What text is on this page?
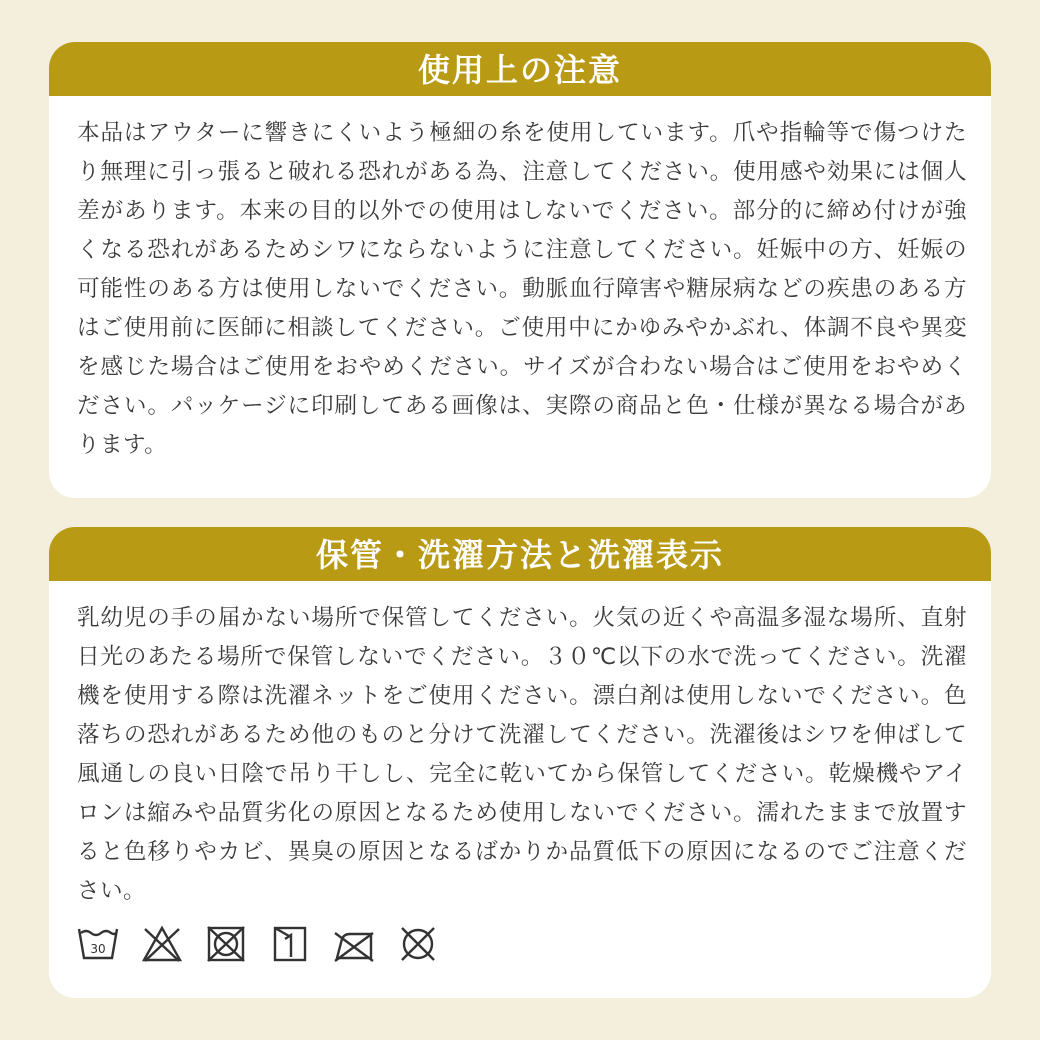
使用上の注意
本品はアウターに響きにくいよう極細の糸を使用しています。爪や指輪等で傷つけたり無理に引っ張ると破れる恐れがある為、注意してください。使用感や効果には個人差があります。本来の目的以外での使用はしないでください。部分的に締め付けが強くなる恐れがあるためシワにならないように注意してください。妊娠中の方、妊娠の可能性のある方は使用しないでください。動脈血行障害や糖尿病などの疾患のある方はご使用前に医師に相談してください。ご使用中にかゆみやかぶれ、体調不良や異変を感じた場合はご使用をおやめください。サイズが合わない場合はご使用をおやめください。パッケージに印刷してある画像は、実際の商品と色・仕様が異なる場合があります。
保管・洗濯方法と洗濯表示
乳幼児の手の届かない場所で保管してください。火気の近くや高温多湿な場所、直射日光のあたる場所で保管しないでください。３０℃以下の水で洗ってください。洗濯機を使用する際は洗濯ネットをご使用ください。漂白剤は使用しないでください。色落ちの恐れがあるため他のものと分けて洗濯してください。洗濯後はシワを伸ばして風通しの良い日陰で吊り干しし、完全に乾いてから保管してください。乾燥機やアイロンは縮みや品質劣化の原因となるため使用しないでください。濡れたままで放置すると色移りやカビ、異臭の原因となるばかりか品質低下の原因になるのでご注意ください。
30
